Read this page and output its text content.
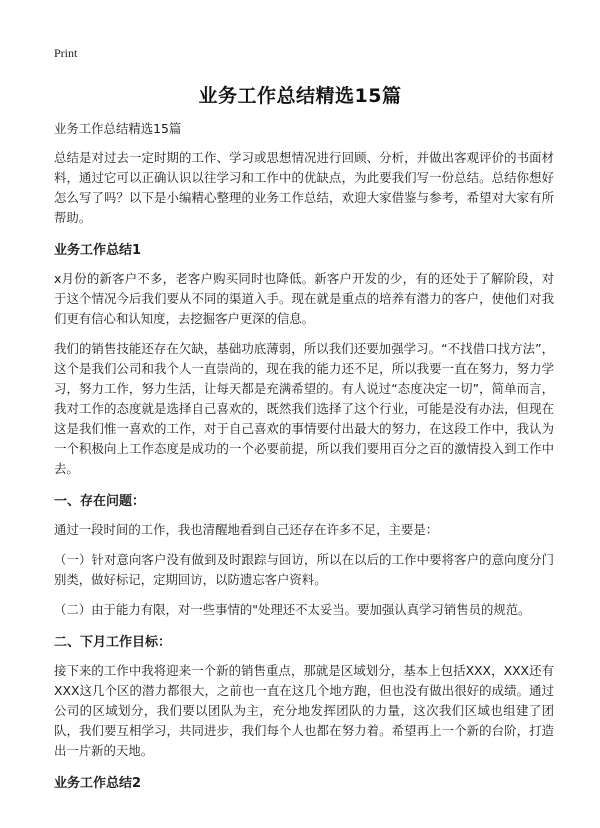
Print
业务工作总结精选15篇

业务工作总结精选15篇

总结是对过去一定时期的工作、学习或思想情况进行回顾、分析，并做出客观评价的书面材料，通过它可以正确认识以往学习和工作中的优缺点，为此要我们写一份总结。总结你想好怎么写了吗？以下是小编精心整理的业务工作总结，欢迎大家借鉴与参考，希望对大家有所帮助。

业务工作总结1

x月份的新客户不多，老客户购买同时也降低。新客户开发的少，有的还处于了解阶段，对于这个情况今后我们要从不同的渠道入手。现在就是重点的培养有潜力的客户，使他们对我们更有信心和认知度，去挖掘客户更深的信息。

我们的销售技能还存在欠缺，基础功底薄弱，所以我们还要加强学习。“不找借口找方法”，这个是我们公司和我个人一直崇尚的，现在我的能力还不足，所以我要一直在努力，努力学习，努力工作，努力生活，让每天都是充满希望的。有人说过“态度决定一切”，简单而言，我对工作的态度就是选择自己喜欢的，既然我们选择了这个行业，可能是没有办法，但现在这是我们惟一喜欢的工作，对于自己喜欢的事情要付出最大的努力，在这段工作中，我认为一个积极向上工作态度是成功的一个必要前提，所以我们要用百分之百的激情投入到工作中去。

一、存在问题：

通过一段时间的工作，我也清醒地看到自己还存在许多不足，主要是：

（一）针对意向客户没有做到及时跟踪与回访，所以在以后的工作中要将客户的意向度分门别类，做好标记，定期回访，以防遗忘客户资料。

（二）由于能力有限，对一些事情的"处理还不太妥当。要加强认真学习销售员的规范。

二、下月工作目标：

接下来的工作中我将迎来一个新的销售重点，那就是区域划分，基本上包括XXX，XXX还有XXX这几个区的潜力都很大，之前也一直在这几个地方跑，但也没有做出很好的成绩。通过公司的区域划分，我们要以团队为主，充分地发挥团队的力量，这次我们区域也组建了团队，我们要互相学习，共同进步，我们每个人也都在努力着。希望再上一个新的台阶，打造出一片新的天地。

业务工作总结2
